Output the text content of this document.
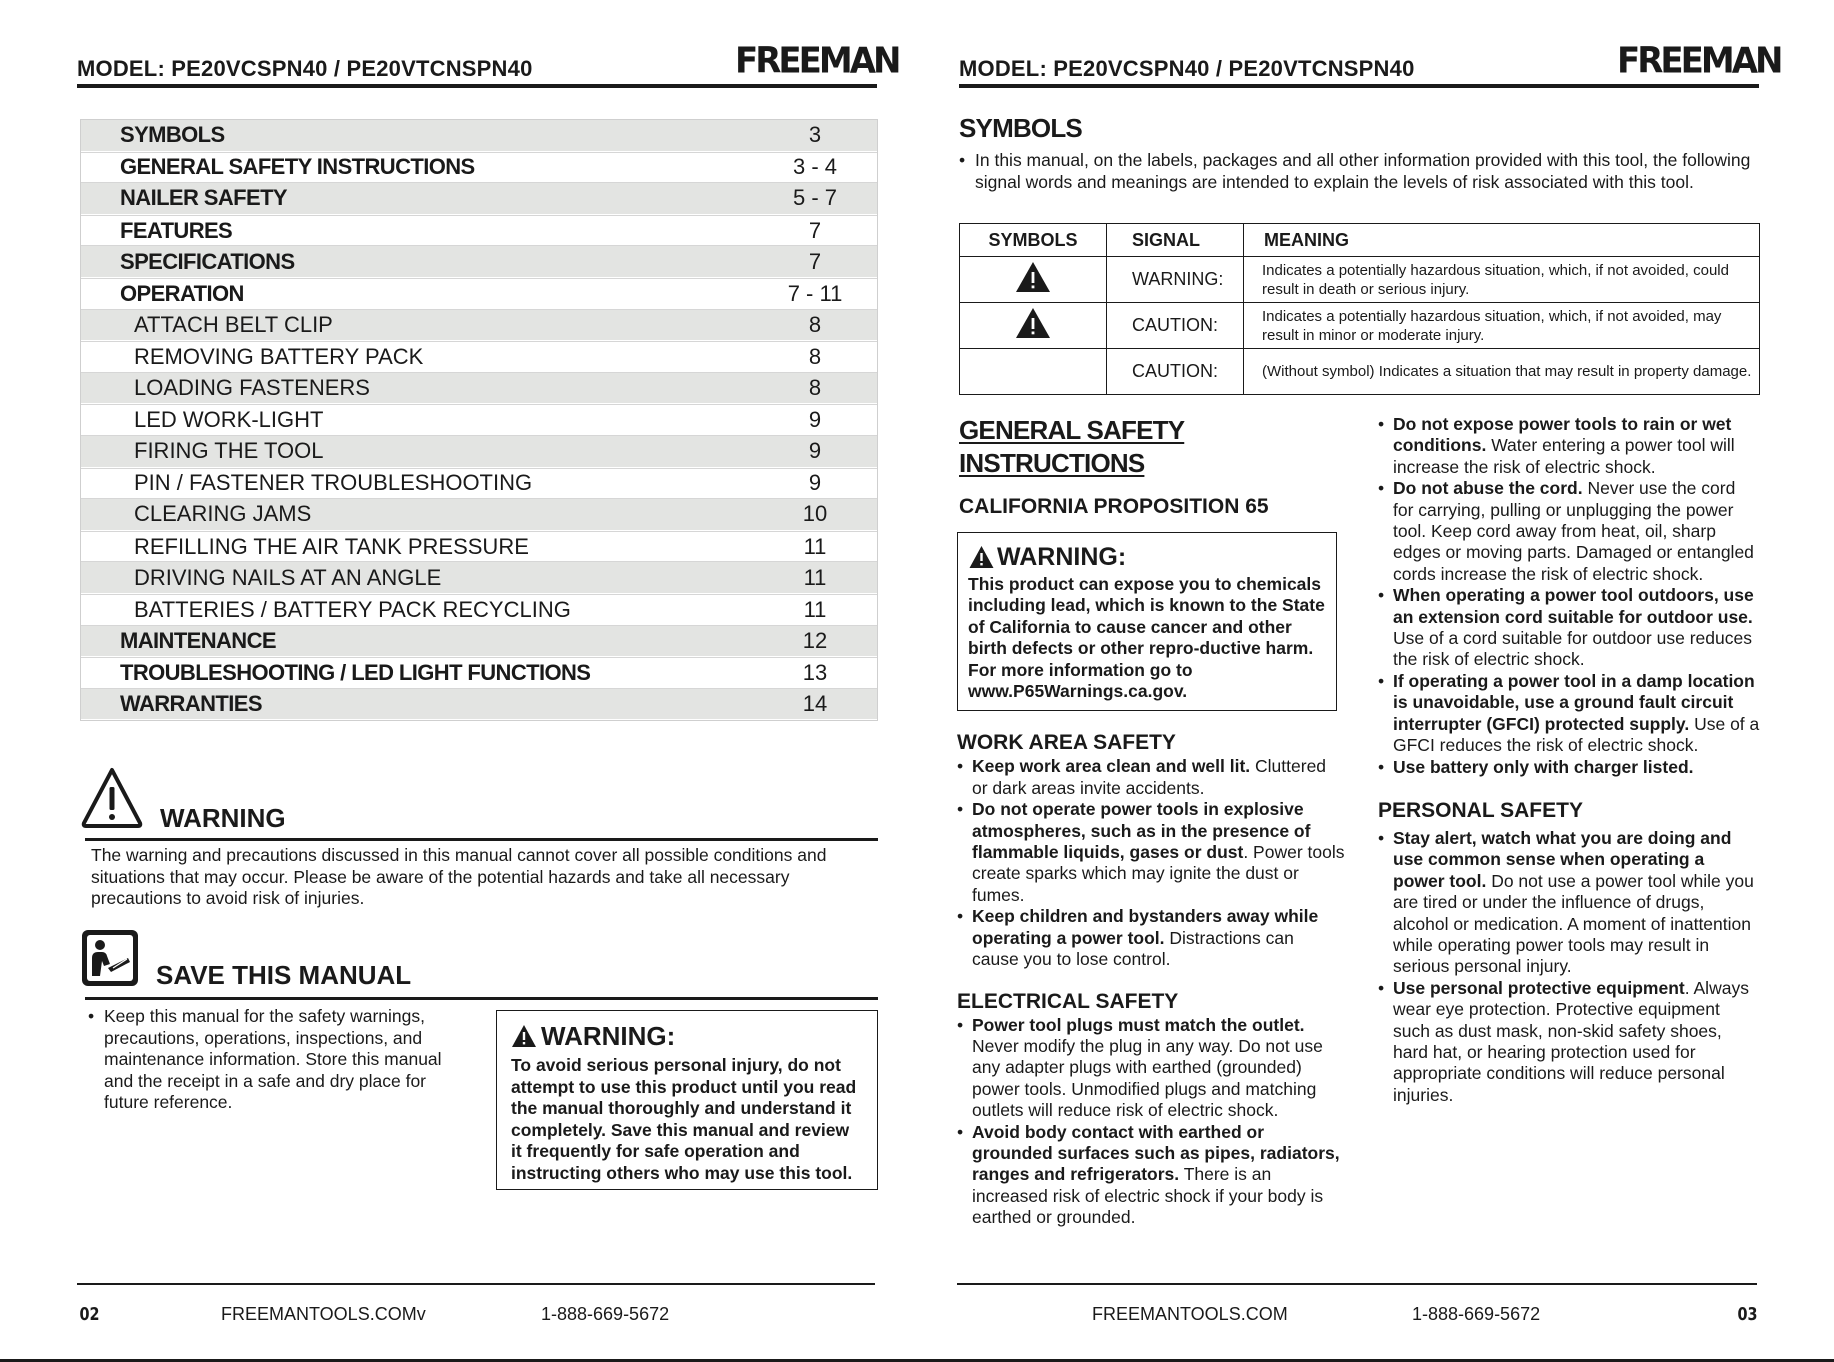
MODEL: PE20VCSPN40 / PE20VTCNSPN40	FREEMAN
SYMBOLS	3
GENERAL SAFETY INSTRUCTIONS	3 - 4
NAILER SAFETY	5 - 7
FEATURES	7
SPECIFICATIONS	7
OPERATION	7 - 11
ATTACH BELT CLIP	8
REMOVING BATTERY PACK	8
LOADING FASTENERS	8
LED WORK-LIGHT	9
FIRING THE TOOL	9
PIN / FASTENER TROUBLESHOOTING	9
CLEARING JAMS	10
REFILLING THE AIR TANK PRESSURE	11
DRIVING NAILS AT AN ANGLE	11
BATTERIES / BATTERY PACK RECYCLING	11
MAINTENANCE	12
TROUBLESHOOTING / LED LIGHT FUNCTIONS	13
WARRANTIES	14
WARNING
The warning and precautions discussed in this manual cannot cover all possible conditions and situations that may occur. Please be aware of the potential hazards and take all necessary precautions to avoid risk of injuries.
SAVE THIS MANUAL
• Keep this manual for the safety warnings, precautions, operations, inspections, and maintenance information. Store this manual and the receipt in a safe and dry place for future reference.
WARNING:
To avoid serious personal injury, do not attempt to use this product until you read the manual thoroughly and understand it completely. Save this manual and review it frequently for safe operation and instructing others who may use this tool.
02	FREEMANTOOLS.COMv	1-888-669-5672
MODEL: PE20VCSPN40 / PE20VTCNSPN40	FREEMAN
SYMBOLS
• In this manual, on the labels, packages and all other information provided with this tool, the following signal words and meanings are intended to explain the levels of risk associated with this tool.
SYMBOLS	SIGNAL	MEANING
	WARNING:	Indicates a potentially hazardous situation, which, if not avoided, could result in death or serious injury.
	CAUTION:	Indicates a potentially hazardous situation, which, if not avoided, may result in minor or moderate injury.
	CAUTION:	(Without symbol) Indicates a situation that may result in property damage.
GENERAL SAFETY
INSTRUCTIONS
CALIFORNIA PROPOSITION 65
WARNING:
This product can expose you to chemicals including lead, which is known to the State of California to cause cancer and other birth defects or other repro-ductive harm. For more information go to www.P65Warnings.ca.gov.
WORK AREA SAFETY
• Keep work area clean and well lit. Cluttered or dark areas invite accidents.
• Do not operate power tools in explosive atmospheres, such as in the presence of flammable liquids, gases or dust. Power tools create sparks which may ignite the dust or fumes.
• Keep children and bystanders away while operating a power tool. Distractions can cause you to lose control.
ELECTRICAL SAFETY
• Power tool plugs must match the outlet. Never modify the plug in any way. Do not use any adapter plugs with earthed (grounded) power tools. Unmodified plugs and matching outlets will reduce risk of electric shock.
• Avoid body contact with earthed or grounded surfaces such as pipes, radiators, ranges and refrigerators. There is an increased risk of electric shock if your body is earthed or grounded.
• Do not expose power tools to rain or wet conditions. Water entering a power tool will increase the risk of electric shock.
• Do not abuse the cord. Never use the cord for carrying, pulling or unplugging the power tool. Keep cord away from heat, oil, sharp edges or moving parts. Damaged or entangled cords increase the risk of electric shock.
• When operating a power tool outdoors, use an extension cord suitable for outdoor use. Use of a cord suitable for outdoor use reduces the risk of electric shock.
• If operating a power tool in a damp location is unavoidable, use a ground fault circuit interrupter (GFCI) protected supply. Use of a GFCI reduces the risk of electric shock.
• Use battery only with charger listed.
PERSONAL SAFETY
• Stay alert, watch what you are doing and use common sense when operating a power tool. Do not use a power tool while you are tired or under the influence of drugs, alcohol or medication. A moment of inattention while operating power tools may result in serious personal injury.
• Use personal protective equipment. Always wear eye protection. Protective equipment such as dust mask, non-skid safety shoes, hard hat, or hearing protection used for appropriate conditions will reduce personal injuries.
FREEMANTOOLS.COM	1-888-669-5672	03
